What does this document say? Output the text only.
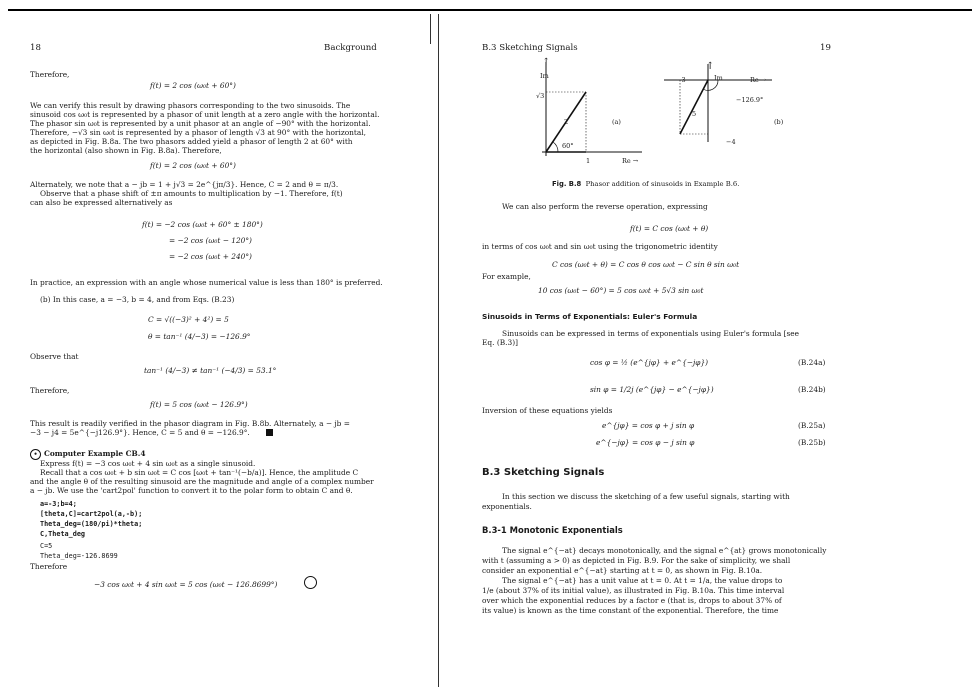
18	Background
Therefore,
f(t) = 2 cos (ω₀t + 60°)
We can verify this result by drawing phasors corresponding to the two sinusoids. The
sinusoid cos ω₀t is represented by a phasor of unit length at a zero angle with the horizontal.
The phasor sin ω₀t is represented by a unit phasor at an angle of −90° with the horizontal.
Therefore, −√3 sin ω₀t is represented by a phasor of length √3 at 90° with the horizontal,
as depicted in Fig. B.8a. The two phasors added yield a phasor of length 2 at 60° with
the horizontal (also shown in Fig. B.8a). Therefore,
f(t) = 2 cos (ω₀t + 60°)
Alternately, we note that a − jb = 1 + j√3 = 2e^{jπ/3}. Hence, C = 2 and θ = π/3.
Observe that a phase shift of ±π amounts to multiplication by −1. Therefore, f(t)
can also be expressed alternatively as
f(t) = −2 cos (ω₀t + 60° ± 180°)
= −2 cos (ω₀t − 120°)
= −2 cos (ω₀t + 240°)
In practice, an expression with an angle whose numerical value is less than 180° is preferred.
(b) In this case, a = −3, b = 4, and from Eqs. (B.23)
C = √((−3)² + 4²) = 5
θ = tan⁻¹ (4/−3) = −126.9°
Observe that
tan⁻¹ (4/−3) ≠ tan⁻¹ (−4/3) = 53.1°
Therefore,
f(t) = 5 cos (ω₀t − 126.9°)
This result is readily verified in the phasor diagram in Fig. B.8b. Alternately, a − jb =
−3 − j4 = 5e^{−j126.9°}. Hence, C = 5 and θ = −126.9°.
• Computer Example CB.4
Express f(t) = −3 cos ω₀t + 4 sin ω₀t as a single sinusoid.
Recall that a cos ω₀t + b sin ω₀t = C cos [ω₀t + tan⁻¹(−b/a)]. Hence, the amplitude C
and the angle θ of the resulting sinusoid are the magnitude and angle of a complex number
a − jb. We use the 'cart2pol' function to convert it to the polar form to obtain C and θ.
a=-3;b=4;
[theta,C]=cart2pol(a,-b);
Theta_deg=(180/pi)*theta;
C,Theta_deg
C=5
Theta_deg=-126.8699
Therefore
−3 cos ω₀t + 4 sin ω₀t = 5 cos (ω₀t − 126.8699°)
B.3 Sketching Signals	19
↑
Im
√3
2
60°
1	Re →
(a)
↑
Im
−3	Re →
−126.9°
5
−4
(b)
Fig. B.8 Phasor addition of sinusoids in Example B.6.
We can also perform the reverse operation, expressing
f(t) = C cos (ω₀t + θ)
in terms of cos ω₀t and sin ω₀t using the trigonometric identity
C cos (ω₀t + θ) = C cos θ cos ω₀t − C sin θ sin ω₀t
For example,
10 cos (ω₀t − 60°) = 5 cos ω₀t + 5√3 sin ω₀t
Sinusoids in Terms of Exponentials: Euler's Formula
Sinusoids can be expressed in terms of exponentials using Euler's formula [see
Eq. (B.3)]
cos φ = ½ (e^{jφ} + e^{−jφ})	(B.24a)
sin φ = 1/2j (e^{jφ} − e^{−jφ})	(B.24b)
Inversion of these equations yields
e^{jφ} = cos φ + j sin φ	(B.25a)
e^{−jφ} = cos φ − j sin φ	(B.25b)
B.3 Sketching Signals
In this section we discuss the sketching of a few useful signals, starting with
exponentials.
B.3-1 Monotonic Exponentials
The signal e^{−at} decays monotonically, and the signal e^{at} grows monotonically
with t (assuming a > 0) as depicted in Fig. B.9. For the sake of simplicity, we shall
consider an exponential e^{−at} starting at t = 0, as shown in Fig. B.10a.
The signal e^{−at} has a unit value at t = 0. At t = 1/a, the value drops to
1/e (about 37% of its initial value), as illustrated in Fig. B.10a. This time interval
over which the exponential reduces by a factor e (that is, drops to about 37% of
its value) is known as the time constant of the exponential. Therefore, the time
